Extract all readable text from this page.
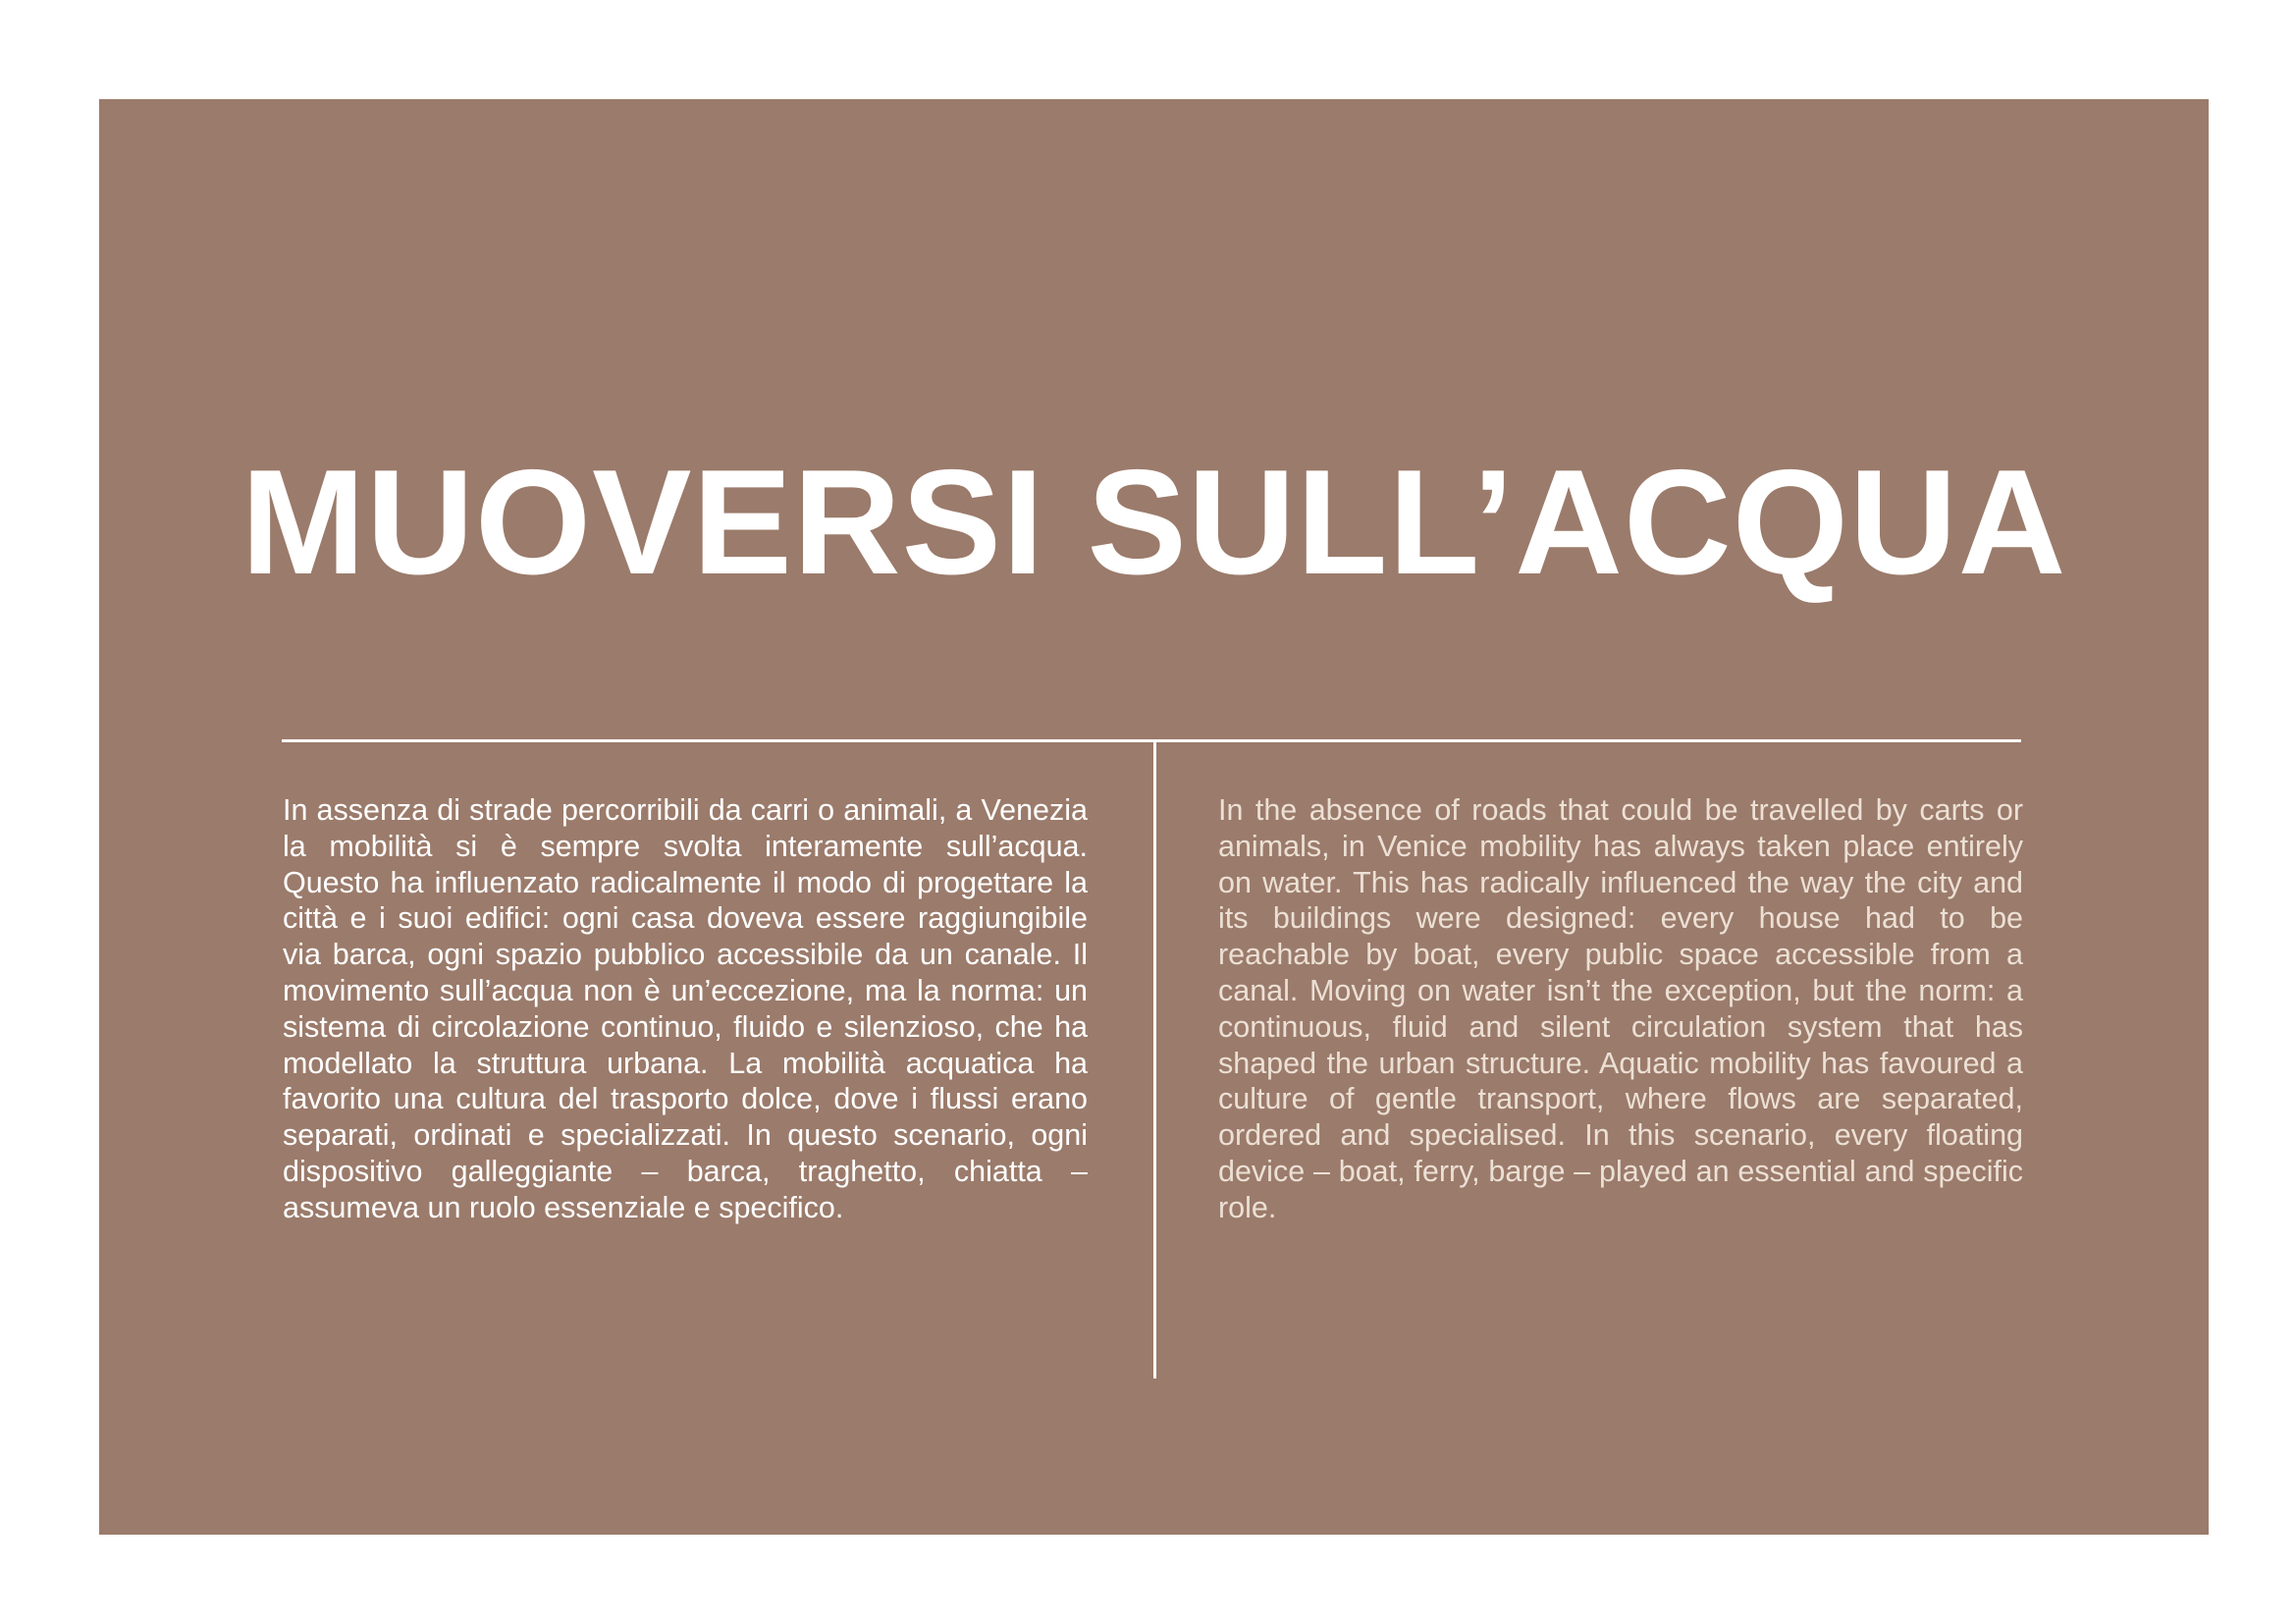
MUOVERSI SULL’ACQUA

In assenza di strade percorribili da carri o animali, a Venezia la mobilità si è sempre svolta interamente sull’acqua. Questo ha influenzato radicalmente il modo di progettare la città e i suoi edifici: ogni casa doveva essere raggiungibile via barca, ogni spazio pubblico accessibile da un canale. Il movimento sull’acqua non è un’eccezione, ma la norma: un sistema di circolazione continuo, fluido e silenzioso, che ha modellato la struttura urbana. La mobilità acquatica ha favorito una cultura del trasporto dolce, dove i flussi erano separati, ordinati e specializzati. In questo scenario, ogni dispositivo galleggiante – barca, traghetto, chiatta – assumeva un ruolo essenziale e specifico.

In the absence of roads that could be travelled by carts or animals, in Venice mobility has always taken place entirely on water. This has radically influenced the way the city and its buildings were designed: every house had to be reachable by boat, every public space accessible from a canal. Moving on water isn’t the exception, but the norm: a continuous, fluid and silent circulation system that has shaped the urban structure. Aquatic mobility has favoured a culture of gentle transport, where flows are separated, ordered and specialised. In this scenario, every floating device – boat, ferry, barge – played an essential and specific role.
